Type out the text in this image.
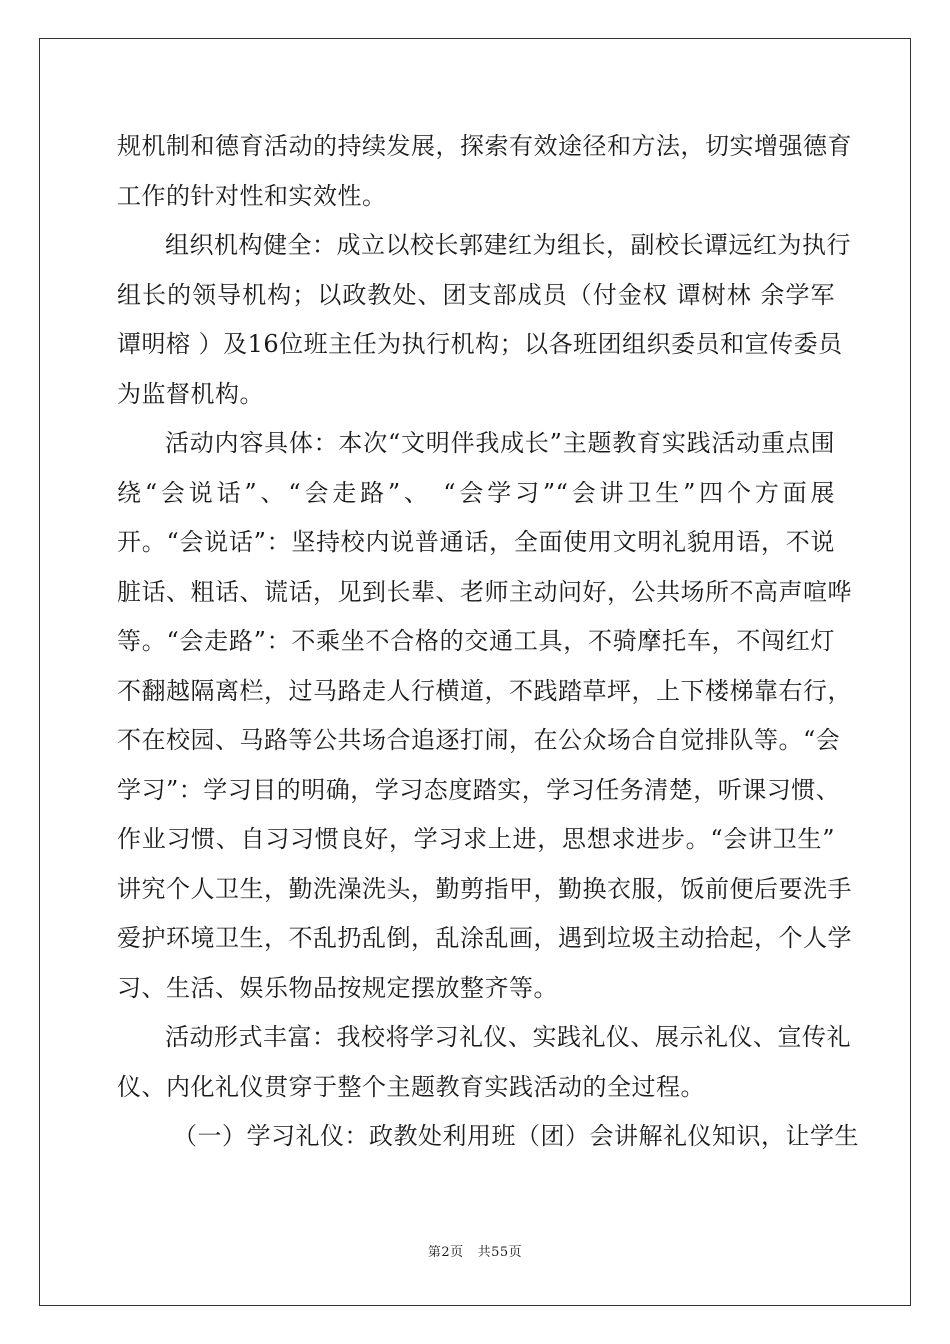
规机制和德育活动的持续发展，探索有效途径和方法，切实增强德育
工作的针对性和实效性。
组织机构健全：成立以校长郭建红为组长，副校长谭远红为执行
组长的领导机构；以政教处、团支部成员（付金权 谭树林 余学军
谭明榕 ）及16位班主任为执行机构；以各班团组织委员和宣传委员
为监督机构。
活动内容具体：本次“文明伴我成长”主题教育实践活动重点围
绕“会说话”、“会走路”、 “会学习”“会讲卫生”四个方面展
开。“会说话”：坚持校内说普通话，全面使用文明礼貌用语，不说
脏话、粗话、谎话，见到长辈、老师主动问好，公共场所不高声喧哗
等。“会走路”：不乘坐不合格的交通工具，不骑摩托车，不闯红灯
不翻越隔离栏，过马路走人行横道，不践踏草坪，上下楼梯靠右行，
不在校园、马路等公共场合追逐打闹，在公众场合自觉排队等。“会
学习”：学习目的明确，学习态度踏实，学习任务清楚，听课习惯、
作业习惯、自习习惯良好，学习求上进，思想求进步。“会讲卫生”
讲究个人卫生，勤洗澡洗头，勤剪指甲，勤换衣服，饭前便后要洗手
爱护环境卫生，不乱扔乱倒，乱涂乱画，遇到垃圾主动拾起，个人学
习、生活、娱乐物品按规定摆放整齐等。
活动形式丰富：我校将学习礼仪、实践礼仪、展示礼仪、宣传礼
仪、内化礼仪贯穿于整个主题教育实践活动的全过程。
（一）学习礼仪：政教处利用班（团）会讲解礼仪知识，让学生
第2页 共55页
